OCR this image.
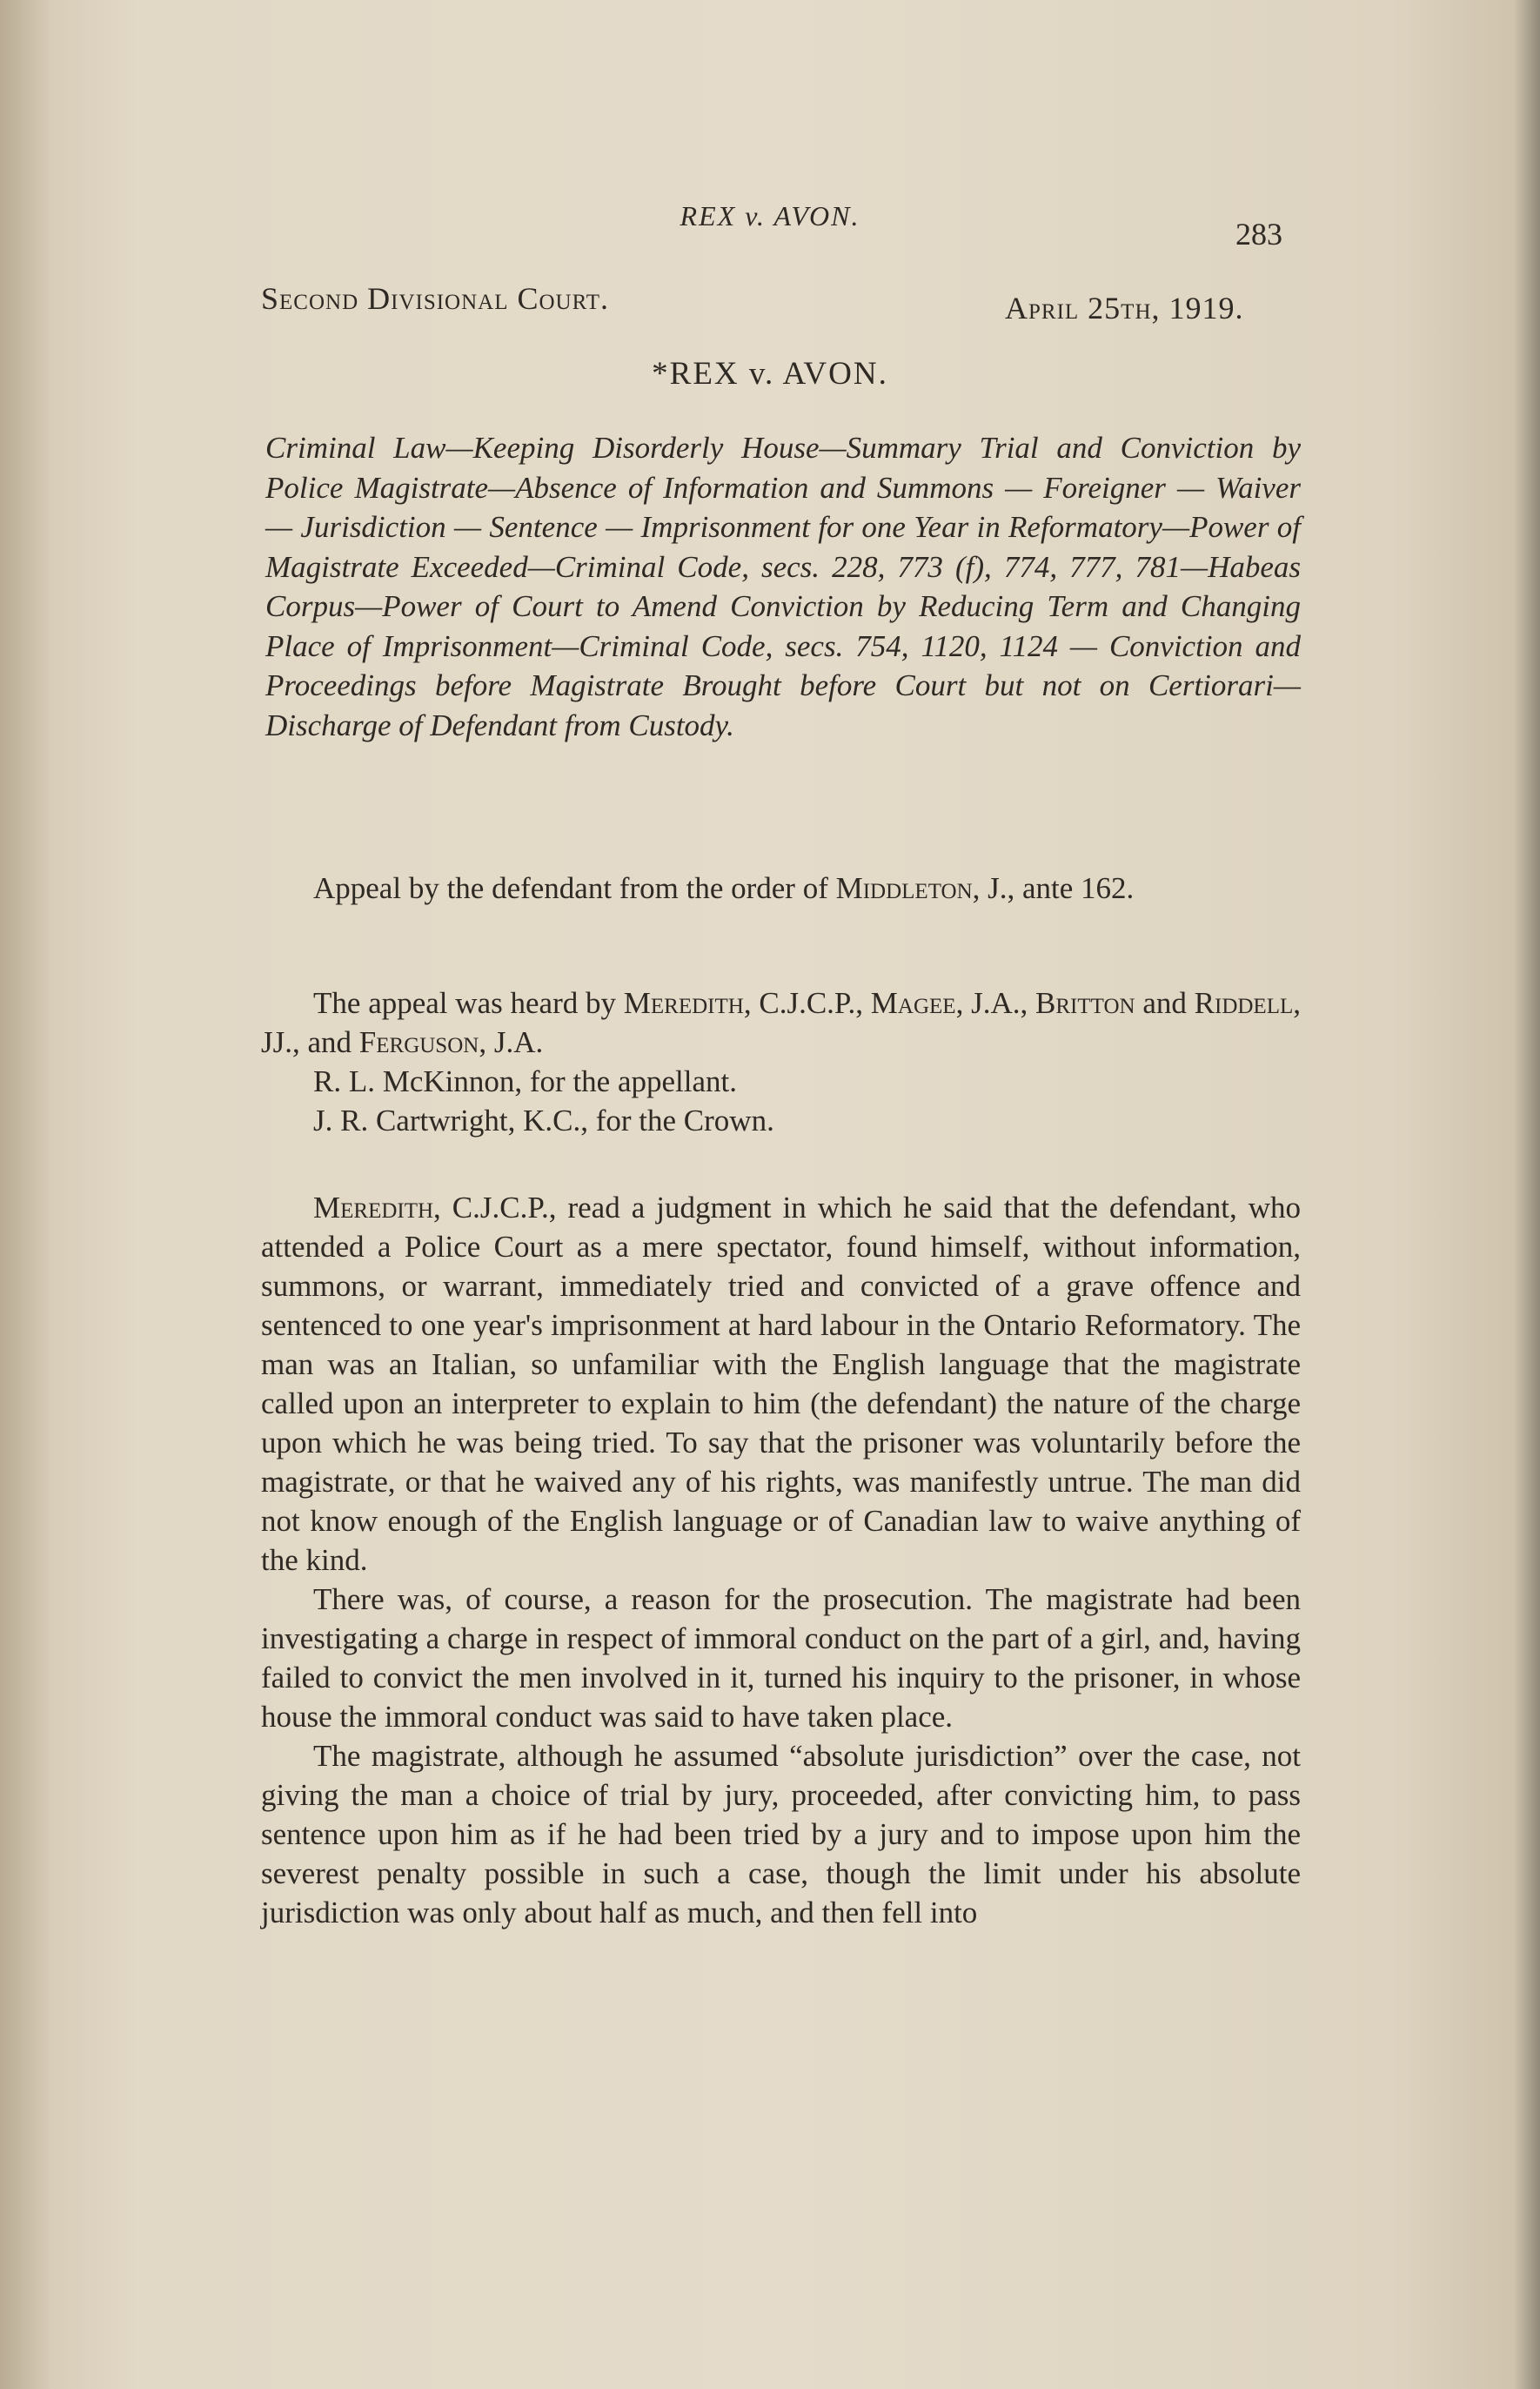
REX v. AVON.
283
Second Divisional Court.	April 25th, 1919.
*REX v. AVON.
Criminal Law—Keeping Disorderly House—Summary Trial and Conviction by Police Magistrate—Absence of Information and Summons — Foreigner — Waiver — Jurisdiction — Sentence — Imprisonment for one Year in Reformatory—Power of Magistrate Exceeded—Criminal Code, secs. 228, 773 (f), 774, 777, 781—Habeas Corpus—Power of Court to Amend Conviction by Reducing Term and Changing Place of Imprisonment—Criminal Code, secs. 754, 1120, 1124 — Conviction and Proceedings before Magistrate Brought before Court but not on Certiorari—Discharge of Defendant from Custody.

Appeal by the defendant from the order of Middleton, J., ante 162.

The appeal was heard by Meredith, C.J.C.P., Magee, J.A., Britton and Riddell, JJ., and Ferguson, J.A.

R. L. McKinnon, for the appellant.

J. R. Cartwright, K.C., for the Crown.

Meredith, C.J.C.P., read a judgment in which he said that the defendant, who attended a Police Court as a mere spectator, found himself, without information, summons, or warrant, immediately tried and convicted of a grave offence and sentenced to one year's imprisonment at hard labour in the Ontario Reformatory. The man was an Italian, so unfamiliar with the English language that the magistrate called upon an interpreter to explain to him (the defendant) the nature of the charge upon which he was being tried. To say that the prisoner was voluntarily before the magistrate, or that he waived any of his rights, was manifestly untrue. The man did not know enough of the English language or of Canadian law to waive anything of the kind.

There was, of course, a reason for the prosecution. The magistrate had been investigating a charge in respect of immoral conduct on the part of a girl, and, having failed to convict the men involved in it, turned his inquiry to the prisoner, in whose house the immoral conduct was said to have taken place.

The magistrate, although he assumed “absolute jurisdiction” over the case, not giving the man a choice of trial by jury, proceeded, after convicting him, to pass sentence upon him as if he had been tried by a jury and to impose upon him the severest penalty possible in such a case, though the limit under his absolute jurisdiction was only about half as much, and then fell into
